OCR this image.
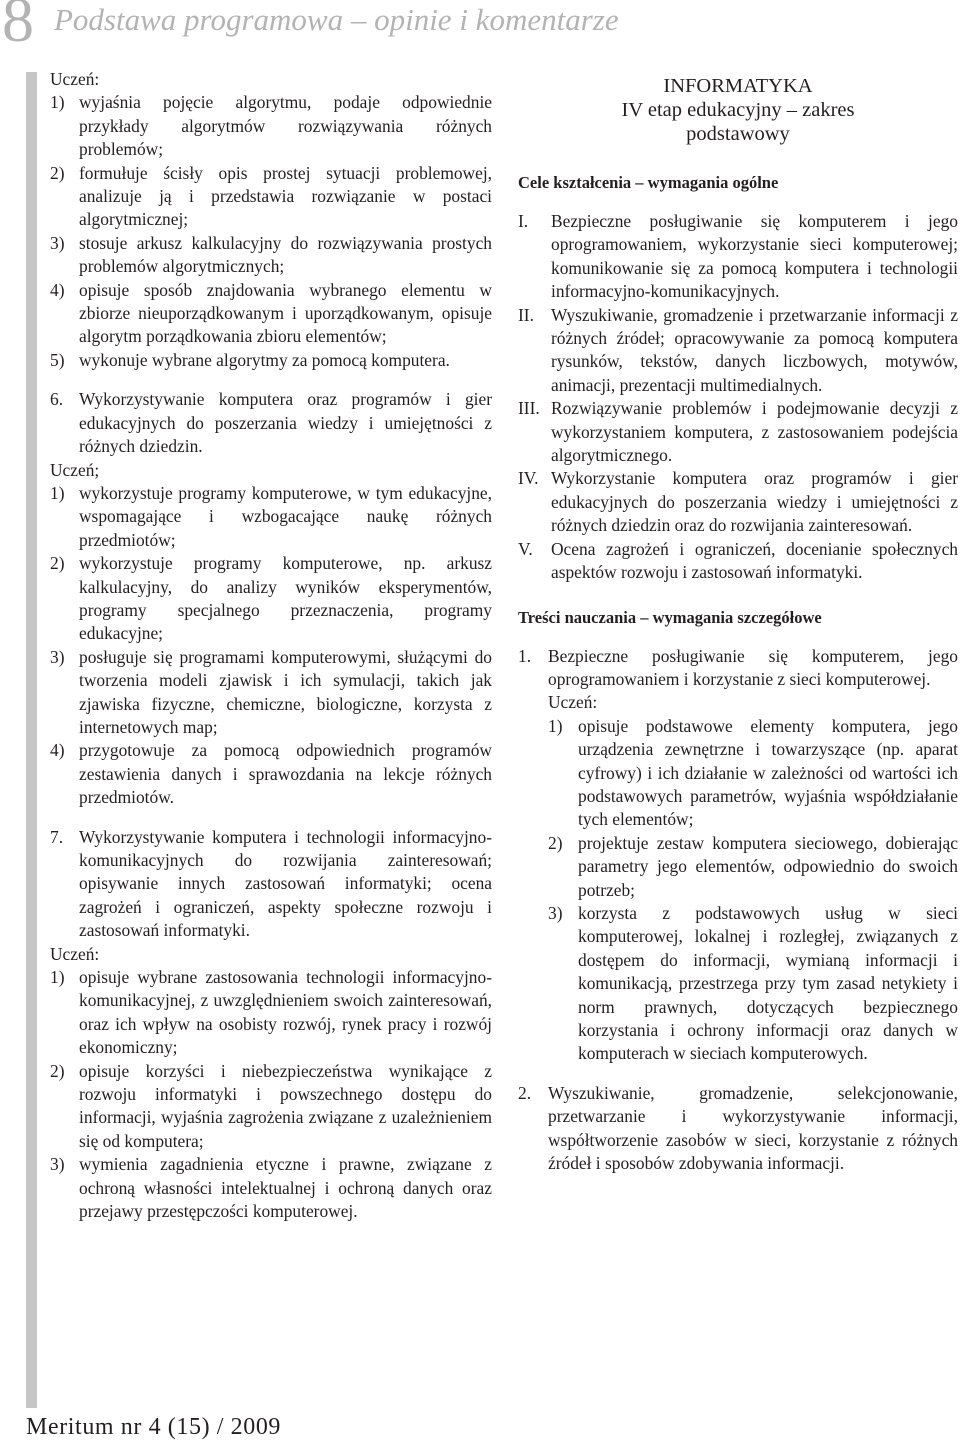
8 Podstawa programowa – opinie i komentarze

Uczeń:

1) wyjaśnia pojęcie algorytmu, podaje odpowiednie przykłady algorytmów rozwiązywania różnych problemów;
2) formułuje ścisły opis prostej sytuacji problemowej, analizuje ją i przedstawia rozwiązanie w postaci algorytmicznej;
3) stosuje arkusz kalkulacyjny do rozwiązywania prostych problemów algorytmicznych;
4) opisuje sposób znajdowania wybranego elementu w zbiorze nieuporządkowanym i uporządkowanym, opisuje algorytm porządkowania zbioru elementów;
5) wykonuje wybrane algorytmy za pomocą komputera.
6. Wykorzystywanie komputera oraz programów i gier edukacyjnych do poszerzania wiedzy i umiejętności z różnych dziedzin.

Uczeń;

1) wykorzystuje programy komputerowe, w tym edukacyjne, wspomagające i wzbogacające naukę różnych przedmiotów;
2) wykorzystuje programy komputerowe, np. arkusz kalkulacyjny, do analizy wyników eksperymentów, programy specjalnego przeznaczenia, programy edukacyjne;
3) posługuje się programami komputerowymi, służącymi do tworzenia modeli zjawisk i ich symulacji, takich jak zjawiska fizyczne, chemiczne, biologiczne, korzysta z internetowych map;
4) przygotowuje za pomocą odpowiednich programów zestawienia danych i sprawozdania na lekcje różnych przedmiotów.
7. Wykorzystywanie komputera i technologii informacyjno-komunikacyjnych do rozwijania zainteresowań; opisywanie innych zastosowań informatyki; ocena zagrożeń i ograniczeń, aspekty społeczne rozwoju i zastosowań informatyki.

Uczeń:

1) opisuje wybrane zastosowania technologii informacyjno-komunikacyjnej, z uwzględnieniem swoich zainteresowań, oraz ich wpływ na osobisty rozwój, rynek pracy i rozwój ekonomiczny;
2) opisuje korzyści i niebezpieczeństwa wynikające z rozwoju informatyki i powszechnego dostępu do informacji, wyjaśnia zagrożenia związane z uzależnieniem się od komputera;
3) wymienia zagadnienia etyczne i prawne, związane z ochroną własności intelektualnej i ochroną danych oraz przejawy przestępczości komputerowej.

INFORMATYKA

IV etap edukacyjny – zakres podstawowy

Cele kształcenia – wymagania ogólne

I.	Bezpieczne posługiwanie się komputerem i jego oprogramowaniem, wykorzystanie sieci komputerowej; komunikowanie się za pomocą komputera i technologii informacyjno-komunikacyjnych.
II. Wyszukiwanie, gromadzenie i przetwarzanie informacji z różnych źródeł; opracowywanie za pomocą komputera rysunków, tekstów, danych liczbowych, motywów, animacji, prezentacji multimedialnych.
III. Rozwiązywanie problemów i podejmowanie decyzji z wykorzystaniem komputera, z zastosowaniem podejścia algorytmicznego.
IV. Wykorzystanie komputera oraz programów i gier edukacyjnych do poszerzania wiedzy i umiejętności z różnych dziedzin oraz do rozwijania zainteresowań.
V.	Ocena zagrożeń i ograniczeń, docenianie społecznych aspektów rozwoju i zastosowań informatyki.

Treści nauczania – wymagania szczegółowe

1. Bezpieczne posługiwanie się komputerem, jego oprogramowaniem i korzystanie z sieci komputerowej.
Uczeń:
1) opisuje podstawowe elementy komputera, jego urządzenia zewnętrzne i towarzyszące (np. aparat cyfrowy) i ich działanie w zależności od wartości ich podstawowych parametrów, wyjaśnia współdziałanie tych elementów;
2) projektuje zestaw komputera sieciowego, dobierając parametry jego elementów, odpowiednio do swoich potrzeb;
3) korzysta z podstawowych usług w sieci komputerowej, lokalnej i rozległej, związanych z dostępem do informacji, wymianą informacji i komunikacją, przestrzega przy tym zasad netykiety i norm prawnych, dotyczących bezpiecznego korzystania i ochrony informacji oraz danych w komputerach w sieciach komputerowych.
2. Wyszukiwanie, gromadzenie, selekcjonowanie, przetwarzanie i wykorzystywanie informacji, współtworzenie zasobów w sieci, korzystanie z różnych źródeł i sposobów zdobywania informacji.
Meritum nr 4 (15) / 2009
